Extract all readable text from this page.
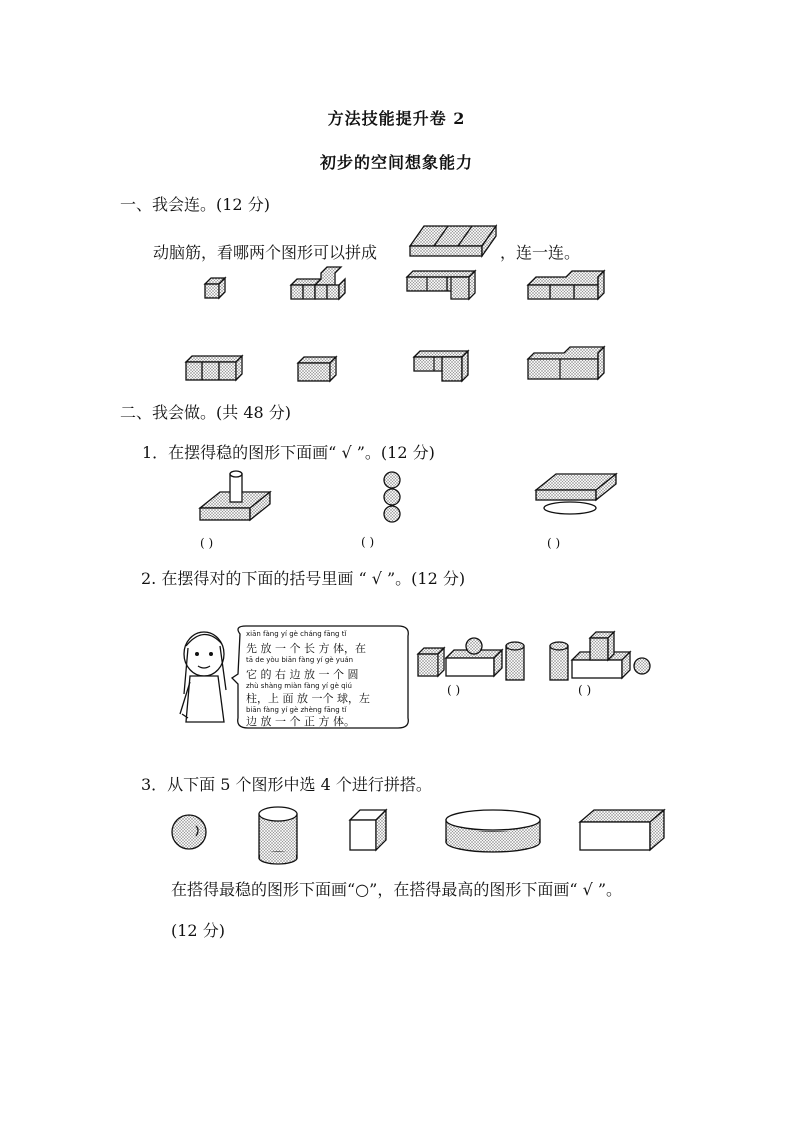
方法技能提升卷 2
初步的空间想象能力
一、我会连。(12 分)
动脑筋，看哪两个图形可以拼成	，连一连。
二、我会做。(共 48 分)
1．在摆得稳的图形下面画“ √ ”。(12 分)
( )	( )	( )
2. 在摆得对的下面的括号里画 “ √ ”。(12 分)
xiān fàng yí gè cháng fāng tǐ
先 放 一 个 长 方 体，在
tā de yòu biān fàng yí gè yuán
它 的 右 边 放 一 个 圆
zhù shàng miàn fàng yí gè qiú
柱，上 面 放 一个 球，左
biān fàng yí gè zhèng fāng tǐ
边 放 一 个 正 方 体。
( )	( )
3．从下面 5 个图形中选 4 个进行拼搭。
在搭得最稳的图形下面画“○”，在搭得最高的图形下面画“ √ ”。
(12 分)
